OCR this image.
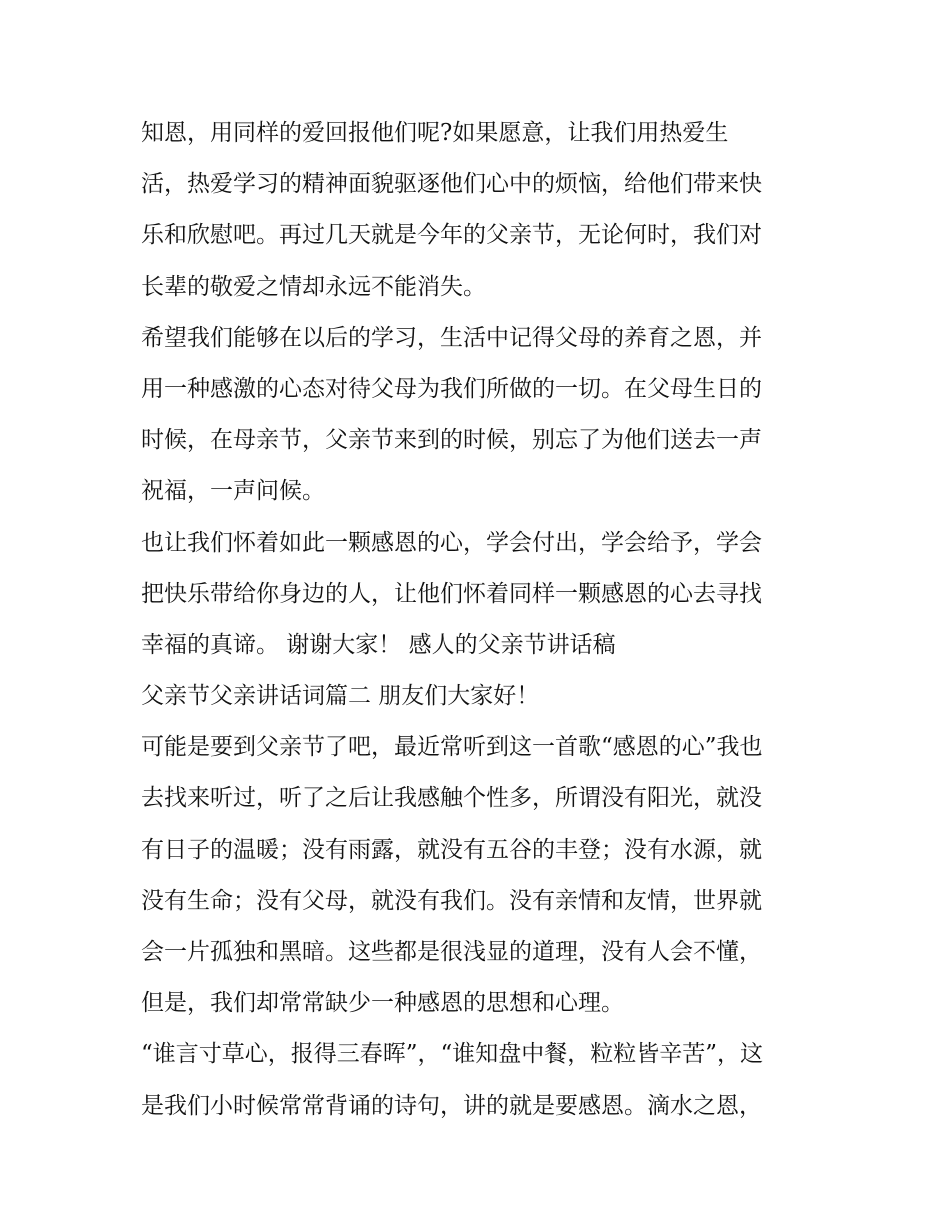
知恩，用同样的爱回报他们呢?如果愿意，让我们用热爱生
活，热爱学习的精神面貌驱逐他们心中的烦恼，给他们带来快
乐和欣慰吧。再过几天就是今年的父亲节，无论何时，我们对
长辈的敬爱之情却永远不能消失。
希望我们能够在以后的学习，生活中记得父母的养育之恩，并
用一种感激的心态对待父母为我们所做的一切。在父母生日的
时候，在母亲节，父亲节来到的时候，别忘了为他们送去一声
祝福，一声问候。
也让我们怀着如此一颗感恩的心，学会付出，学会给予，学会
把快乐带给你身边的人，让他们怀着同样一颗感恩的心去寻找
幸福的真谛。 谢谢大家！ 感人的父亲节讲话稿
父亲节父亲讲话词篇二 朋友们大家好！
可能是要到父亲节了吧，最近常听到这一首歌“感恩的心”我也
去找来听过，听了之后让我感触个性多，所谓没有阳光，就没
有日子的温暖；没有雨露，就没有五谷的丰登；没有水源，就
没有生命；没有父母，就没有我们。没有亲情和友情，世界就
会一片孤独和黑暗。这些都是很浅显的道理，没有人会不懂，
但是，我们却常常缺少一种感恩的思想和心理。
“谁言寸草心，报得三春晖”，“谁知盘中餐，粒粒皆辛苦”，这
是我们小时候常常背诵的诗句，讲的就是要感恩。滴水之恩，
